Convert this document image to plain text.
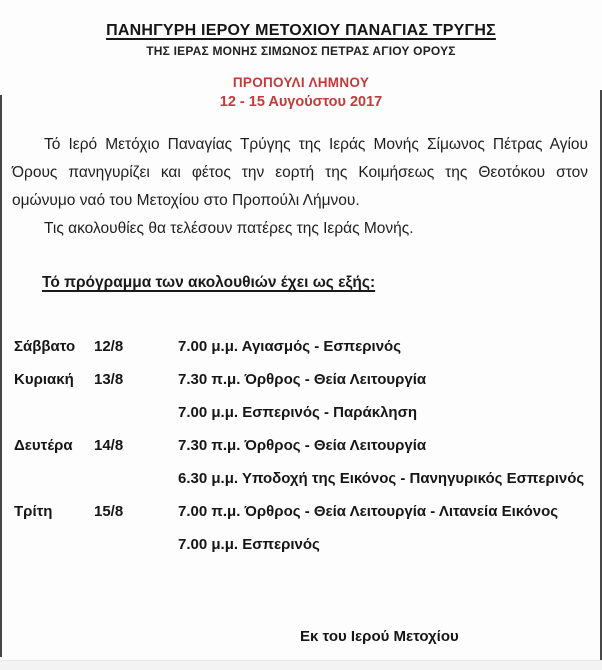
ΠΑΝΗΓΥΡΗ ΙΕΡΟΥ ΜΕΤΟΧΙΟΥ ΠΑΝΑΓΙΑΣ ΤΡΥΓΗΣ
ΤΗΣ ΙΕΡΑΣ ΜΟΝΗΣ ΣΙΜΩΝΟΣ ΠΕΤΡΑΣ ΑΓΙΟΥ ΟΡΟΥΣ
ΠΡΟΠΟΥΛΙ ΛΗΜΝΟΥ
12 - 15 Αυγούστου 2017

Τό Ιερό Μετόχιο Παναγίας Τρύγης της Ιεράς Μονής Σίμωνος Πέτρας Αγίου Όρους πανηγυρίζει και φέτος την εορτή της Κοιμήσεως της Θεοτόκου στον ομώνυμο ναό του Μετοχίου στο Προπούλι Λήμνου.

Τις ακολουθίες θα τελέσουν πατέρες της Ιεράς Μονής.

Τό πρόγραμμα των ακολουθιών έχει ως εξής:
Σάββατο	12/8	7.00 μ.μ. Αγιασμός - Εσπερινός
Κυριακή	13/8	7.30 π.μ. Όρθρος - Θεία Λειτουργία
7.00 μ.μ. Εσπερινός - Παράκληση
Δευτέρα	14/8	7.30 π.μ. Όρθρος - Θεία Λειτουργία
6.30 μ.μ. Υποδοχή της Εικόνος - Πανηγυρικός Εσπερινός
Τρίτη	15/8	7.00 π.μ. Όρθρος - Θεία Λειτουργία - Λιτανεία Εικόνος
7.00 μ.μ. Εσπερινός
Εκ του Ιερού Μετοχίου
